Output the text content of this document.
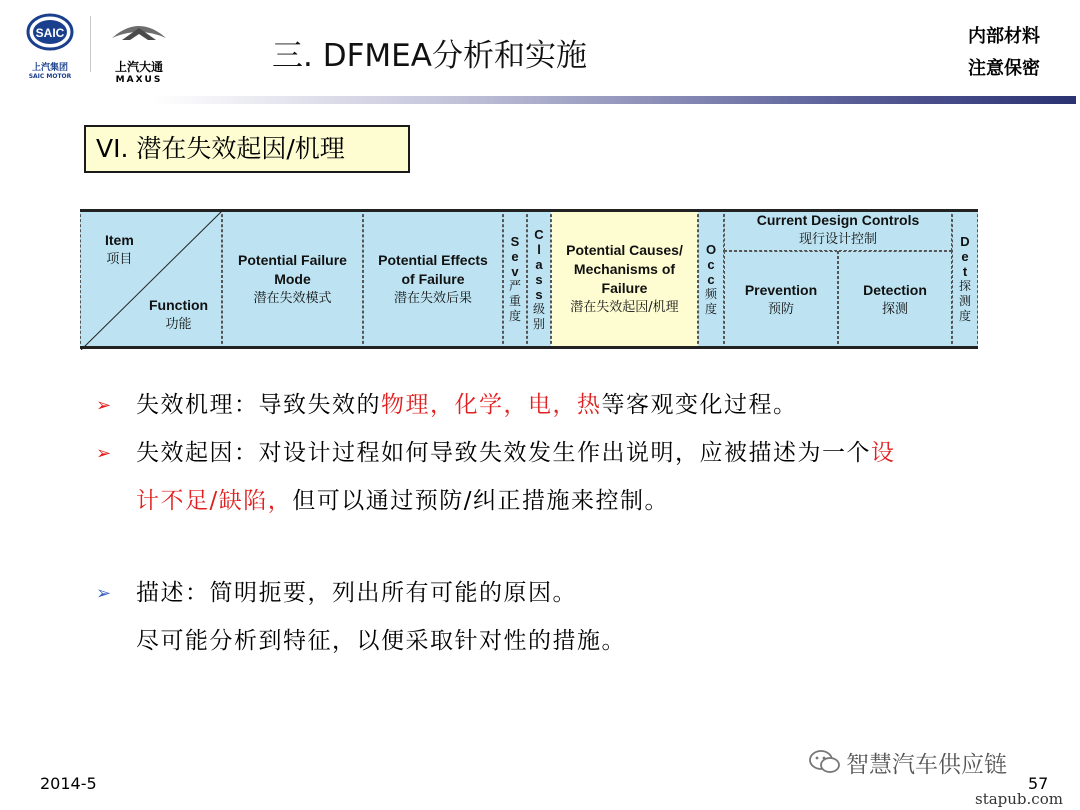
SAIC
上汽集团
SAIC MOTOR
上汽大通
MAXUS
三. DFMEA分析和实施
内部材料
注意保密
VI. 潜在失效起因/机理
Item
项目
Function
功能
Potential Failure Mode
潜在失效模式
Potential Effects of Failure
潜在失效后果
S e v
严重度
C l a s s
级别
Potential Causes/ Mechanisms of Failure
潜在失效起因/机理
O c c
频度
Current Design Controls
现行设计控制
Prevention
预防
Detection
探测
D e t
探测度
➢ 失效机理：导致失效的物理，化学，电，热等客观变化过程。
➢ 失效起因：对设计过程如何导致失效发生作出说明，应被描述为一个设
计不足/缺陷，但可以通过预防/纠正措施来控制。
➢ 描述：简明扼要，列出所有可能的原因。
尽可能分析到特征，以便采取针对性的措施。
智慧汽车供应链
2014-5	57
stapub.com
